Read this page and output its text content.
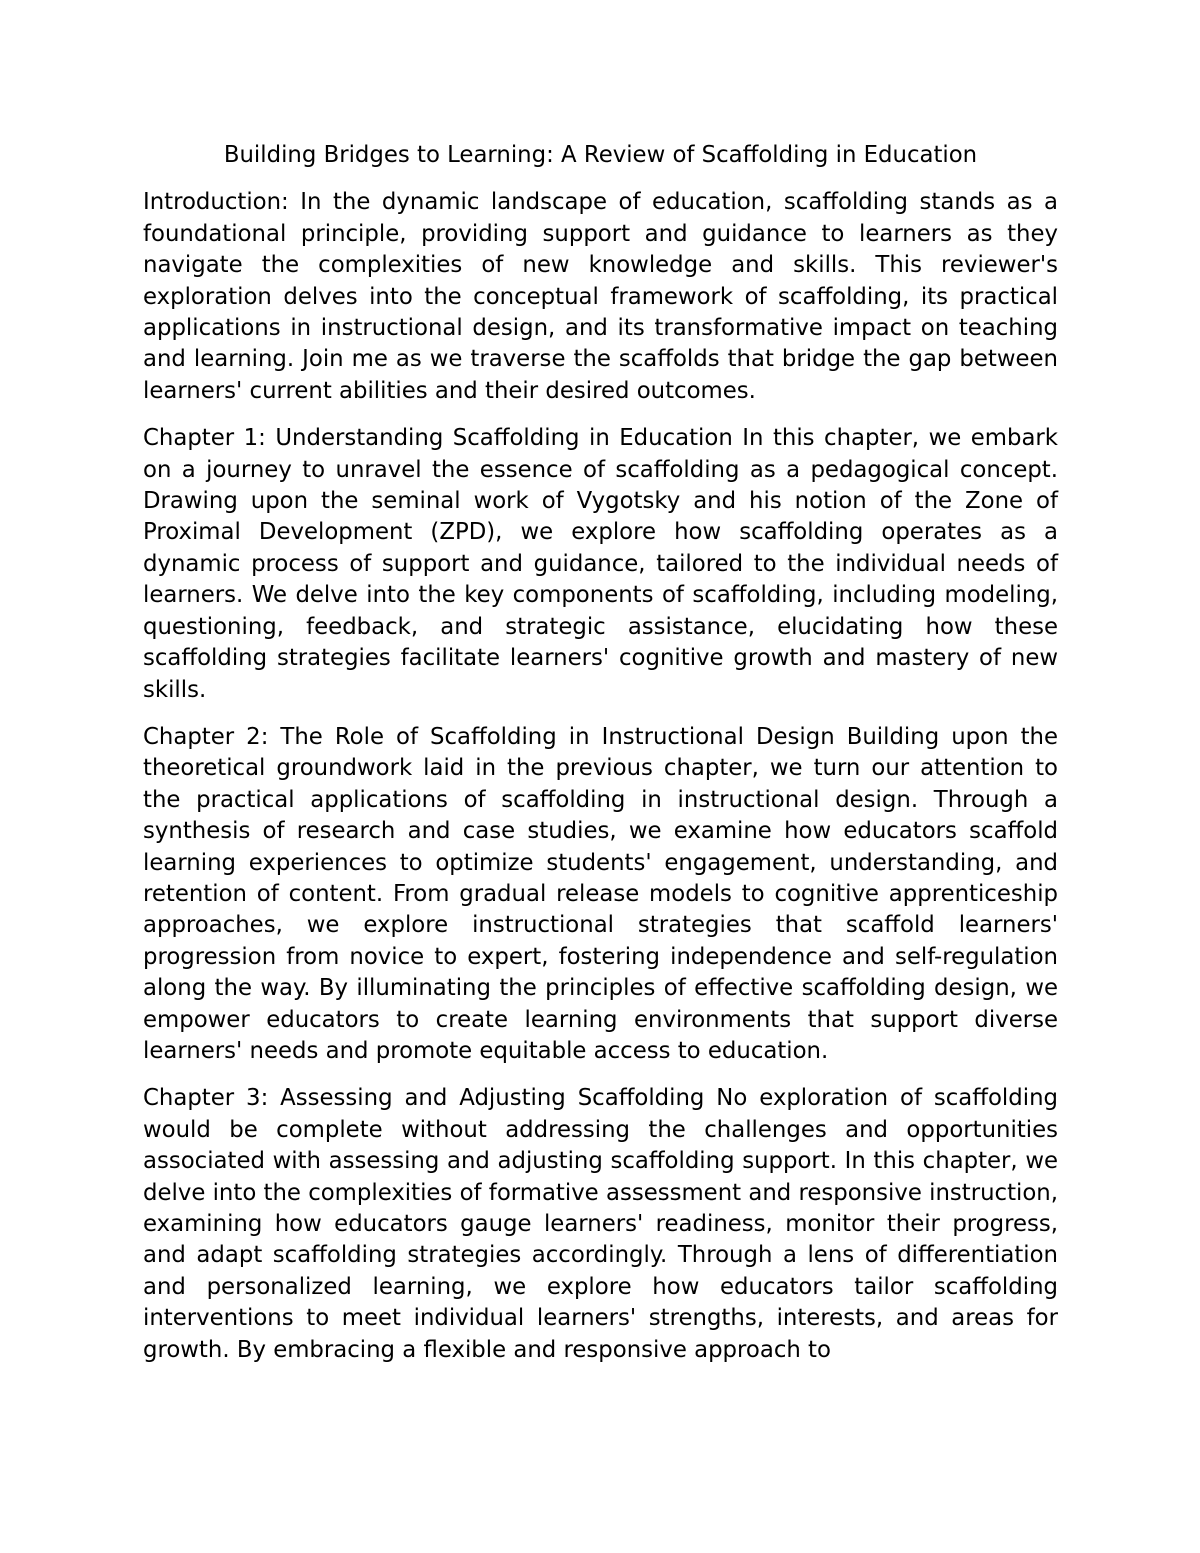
Building Bridges to Learning: A Review of Scaffolding in Education

Introduction: In the dynamic landscape of education, scaffolding stands as a foundational principle, providing support and guidance to learners as they navigate the complexities of new knowledge and skills. This reviewer's exploration delves into the conceptual framework of scaffolding, its practical applications in instructional design, and its transformative impact on teaching and learning. Join me as we traverse the scaffolds that bridge the gap between learners' current abilities and their desired outcomes.

Chapter 1: Understanding Scaffolding in Education In this chapter, we embark on a journey to unravel the essence of scaffolding as a pedagogical concept. Drawing upon the seminal work of Vygotsky and his notion of the Zone of Proximal Development (ZPD), we explore how scaffolding operates as a dynamic process of support and guidance, tailored to the individual needs of learners. We delve into the key components of scaffolding, including modeling, questioning, feedback, and strategic assistance, elucidating how these scaffolding strategies facilitate learners' cognitive growth and mastery of new skills.

Chapter 2: The Role of Scaffolding in Instructional Design Building upon the theoretical groundwork laid in the previous chapter, we turn our attention to the practical applications of scaffolding in instructional design. Through a synthesis of research and case studies, we examine how educators scaffold learning experiences to optimize students' engagement, understanding, and retention of content. From gradual release models to cognitive apprenticeship approaches, we explore instructional strategies that scaffold learners' progression from novice to expert, fostering independence and self-regulation along the way. By illuminating the principles of effective scaffolding design, we empower educators to create learning environments that support diverse learners' needs and promote equitable access to education.

Chapter 3: Assessing and Adjusting Scaffolding No exploration of scaffolding would be complete without addressing the challenges and opportunities associated with assessing and adjusting scaffolding support. In this chapter, we delve into the complexities of formative assessment and responsive instruction, examining how educators gauge learners' readiness, monitor their progress, and adapt scaffolding strategies accordingly. Through a lens of differentiation and personalized learning, we explore how educators tailor scaffolding interventions to meet individual learners' strengths, interests, and areas for growth. By embracing a flexible and responsive approach to
